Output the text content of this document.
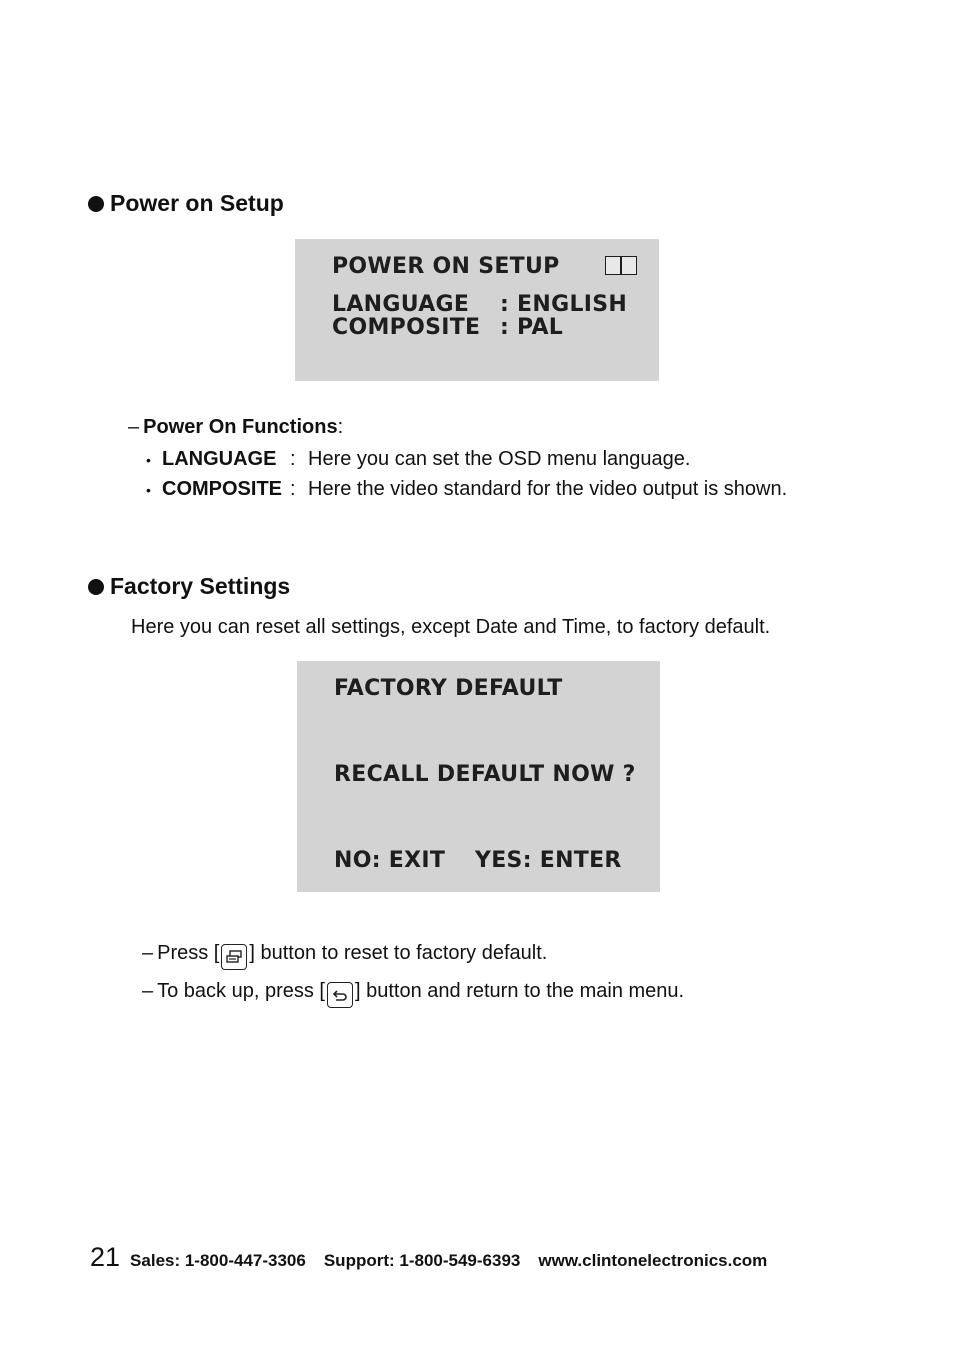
Power on Setup
POWER ON SETUP
LANGUAGE : ENGLISH
COMPOSITE : PAL
– Power On Functions:
• LANGUAGE : Here you can set the OSD menu language.
• COMPOSITE : Here the video standard for the video output is shown.
Factory Settings
Here you can reset all settings, except Date and Time, to factory default.
FACTORY DEFAULT
RECALL DEFAULT NOW ?
NO: EXIT YES: ENTER
– Press [ ] button to reset to factory default.
– To back up, press [ ] button and return to the main menu.
21 Sales: 1-800-447-3306 Support: 1-800-549-6393 www.clintonelectronics.com
